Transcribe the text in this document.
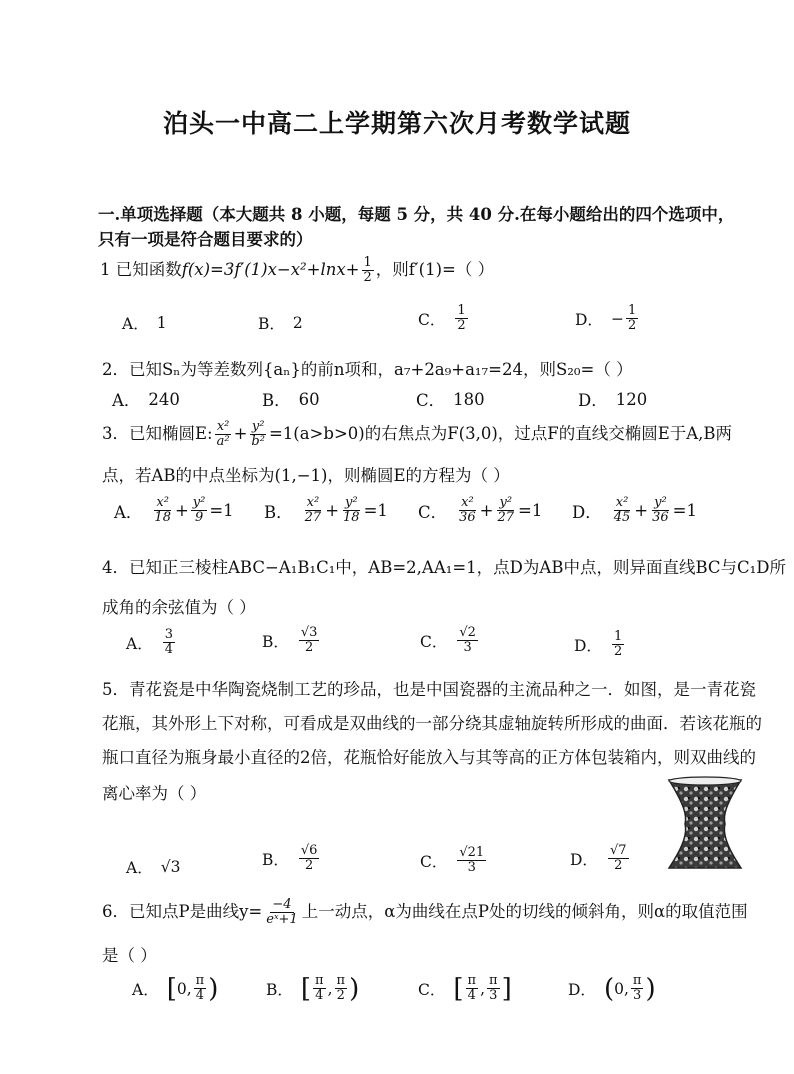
泊头一中高二上学期第六次月考数学试题
一.单项选择题（本大题共 8 小题，每题 5 分，共 40 分.在每小题给出的四个选项中，
只有一项是符合题目要求的）
1 已知函数$f(x)=3f'(1)x-x^2+\ln x+ \frac{1}{2}$ ，则f′(1)=（ ）
A． 1	B． 2	C． $\frac{1}{2}$	D． − $\frac{1}{2}$
2．已知Sₙ为等差数列{aₙ}的前n项和，a₇+2a₉+a₁₇=24，则S₂₀=（ ）
A． 240	B． 60	C． 180	D． 120
3．已知椭圆E: $\frac{\text{x²}}{\text{a²}} + \frac{\text{y²}}{\text{b²}} =1(a>b>0)$的右焦点为F(3,0)，过点F的直线交椭圆E于A,B两
点，若AB的中点坐标为(1,−1)，则椭圆E的方程为（ ）
A． $\frac{\text{x²}}{18} + \frac{\text{y²}}{9} =1$ B． $\frac{\text{x²}}{27} + \frac{\text{y²}}{18} =1$ C． $\frac{\text{x²}}{36} + \frac{\text{y²}}{27} =1$ D． $\frac{\text{x²}}{45} + \frac{\text{y²}}{36} =1$
4．已知正三棱柱ABC−A₁B₁C₁中，AB=2,AA₁=1，点D为AB中点，则异面直线BC与C₁D所
成角的余弦值为（ ）
A． $\frac{3}{4}$	B． $\frac{√3}{2}$	C． $\frac{√2}{3}$	D． $\frac{1}{2}$
5．青花瓷是中华陶瓷烧制工艺的珍品，也是中国瓷器的主流品种之一．如图，是一青花瓷
花瓶，其外形上下对称，可看成是双曲线的一部分绕其虚轴旋转所形成的曲面．若该花瓶的
瓶口直径为瓶身最小直径的2倍，花瓶恰好能放入与其等高的正方体包装箱内，则双曲线的
离心率为（ ）
A． √3	B． $\frac{√6}{2}$	C． $\frac{√21}{3}$	D． $\frac{√7}{2}$
6．已知点P是曲线$y= \frac{-4}{\text{eˣ+1}}$ 上一动点，α为曲线在点P处的切线的倾斜角，则α的取值范围
是（ ）
A． [ 0 , $\frac{\pi}{4}$ )	B． [ $\frac{\pi}{4}$ , $\frac{\pi}{2}$ )	C． [ $\frac{\pi}{4}$ , $\frac{\pi}{3}$ ]	D． ( 0 , $\frac{\pi}{3}$ )
